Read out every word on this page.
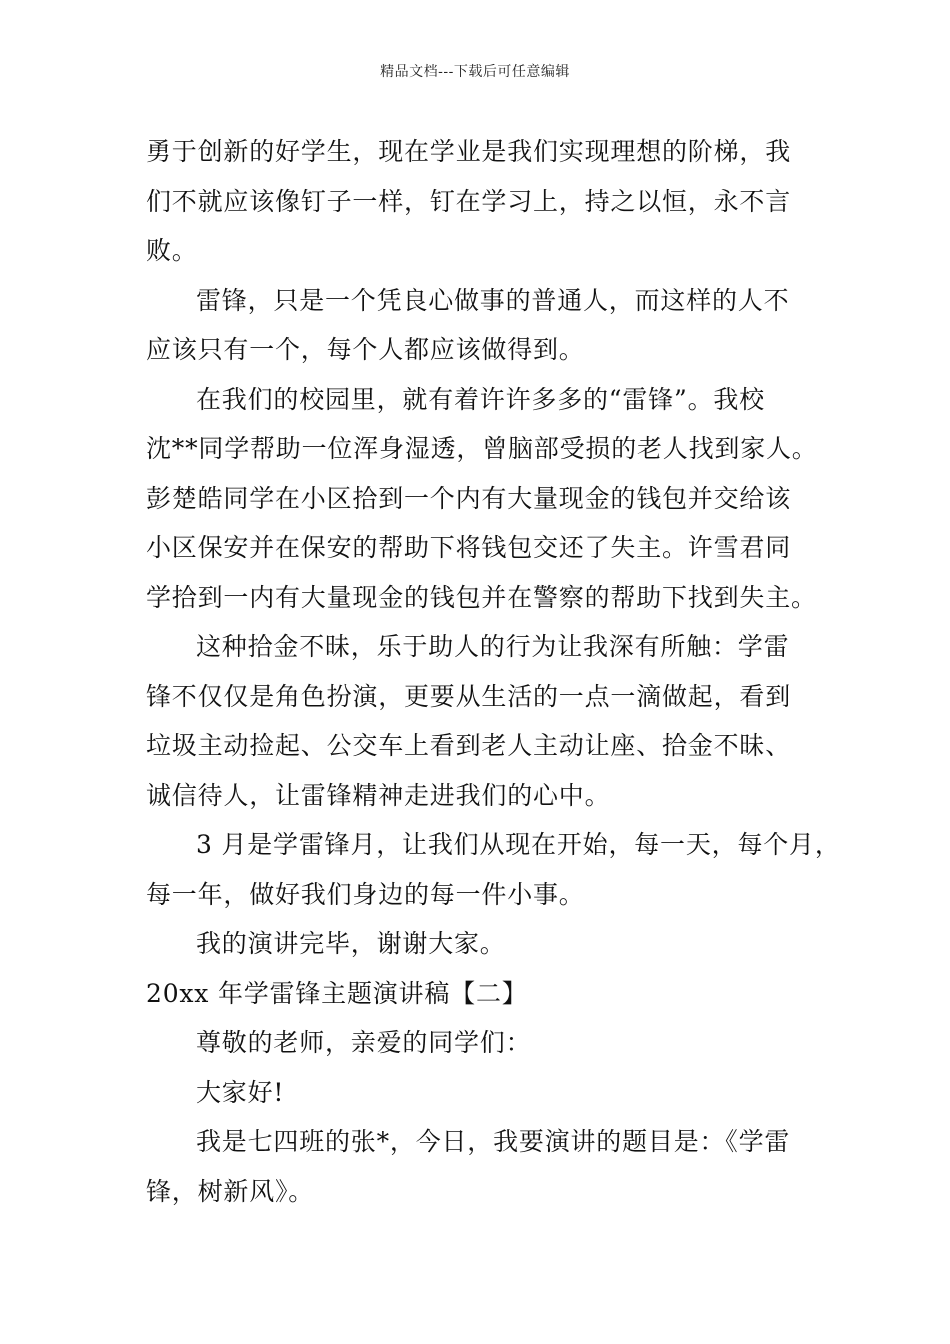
精品文档---下载后可任意编辑
勇于创新的好学生，现在学业是我们实现理想的阶梯，我
们不就应该像钉子一样，钉在学习上，持之以恒，永不言
败。
雷锋，只是一个凭良心做事的普通人，而这样的人不
应该只有一个，每个人都应该做得到。
在我们的校园里，就有着许许多多的“雷锋”。我校
沈**同学帮助一位浑身湿透，曾脑部受损的老人找到家人。
彭楚皓同学在小区拾到一个内有大量现金的钱包并交给该
小区保安并在保安的帮助下将钱包交还了失主。许雪君同
学拾到一内有大量现金的钱包并在警察的帮助下找到失主。
这种拾金不昧，乐于助人的行为让我深有所触：学雷
锋不仅仅是角色扮演，更要从生活的一点一滴做起，看到
垃圾主动捡起、公交车上看到老人主动让座、拾金不昧、
诚信待人，让雷锋精神走进我们的心中。
3 月是学雷锋月，让我们从现在开始，每一天，每个月，
每一年，做好我们身边的每一件小事。
我的演讲完毕，谢谢大家。
20xx 年学雷锋主题演讲稿【二】
尊敬的老师，亲爱的同学们：
大家好!
我是七四班的张*，今日，我要演讲的题目是：《学雷
锋，树新风》。
